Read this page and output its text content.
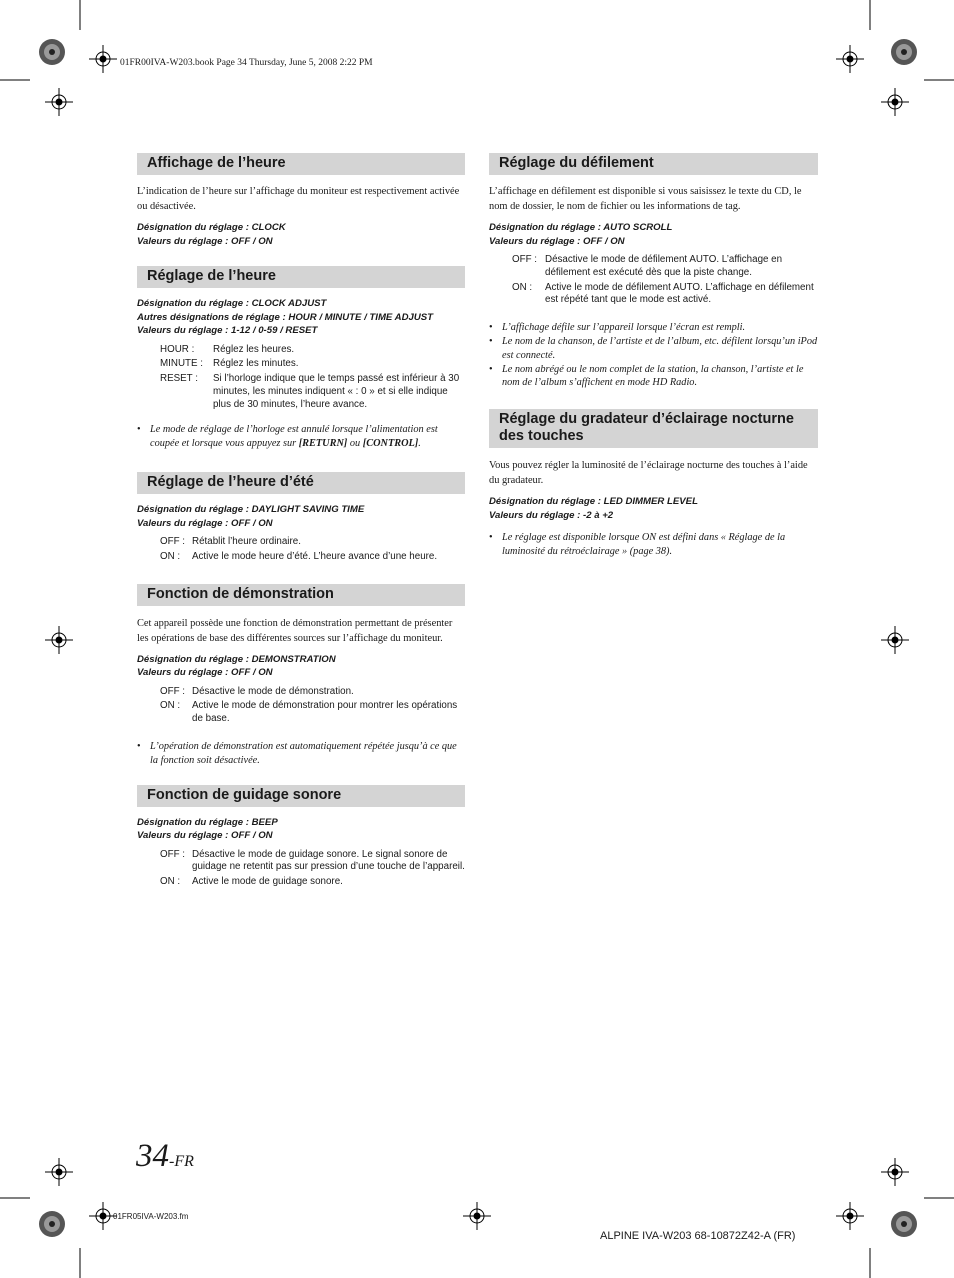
01FR00IVA-W203.book Page 34 Thursday, June 5, 2008 2:22 PM
Affichage de l’heure

L’indication de l’heure sur l’affichage du moniteur est respectivement activée ou désactivée.

Désignation du réglage : CLOCK
Valeurs du réglage : OFF / ON
Réglage de l’heure
Désignation du réglage : CLOCK ADJUST
Autres désignations de réglage : HOUR / MINUTE / TIME ADJUST
Valeurs du réglage : 1-12 / 0-59 / RESET
HOUR :	Réglez les heures.
MINUTE :	Réglez les minutes.
RESET :	Si l’horloge indique que le temps passé est inférieur à 30 minutes, les minutes indiquent « : 0 » et si elle indique plus de 30 minutes, l’heure avance.
• Le mode de réglage de l’horloge est annulé lorsque l’alimentation est coupée et lorsque vous appuyez sur [RETURN] ou [CONTROL].
Réglage de l’heure d’été
Désignation du réglage : DAYLIGHT SAVING TIME
Valeurs du réglage : OFF / ON
OFF : Rétablit l’heure ordinaire.
ON :	Active le mode heure d’été. L’heure avance d’une heure.
Fonction de démonstration

Cet appareil possède une fonction de démonstration permettant de présenter les opérations de base des différentes sources sur l’affichage du moniteur.

Désignation du réglage : DEMONSTRATION
Valeurs du réglage : OFF / ON
OFF : Désactive le mode de démonstration.
ON :	Active le mode de démonstration pour montrer les opérations de base.
• L’opération de démonstration est automatiquement répétée jusqu’à ce que la fonction soit désactivée.
Fonction de guidage sonore
Désignation du réglage : BEEP
Valeurs du réglage : OFF / ON
OFF : Désactive le mode de guidage sonore. Le signal sonore de guidage ne retentit pas sur pression d’une touche de l’appareil.
ON :	Active le mode de guidage sonore.
Réglage du défilement

L’affichage en défilement est disponible si vous saisissez le texte du CD, le nom de dossier, le nom de fichier ou les informations de tag.

Désignation du réglage : AUTO SCROLL
Valeurs du réglage : OFF / ON
OFF : Désactive le mode de défilement AUTO. L’affichage en défilement est exécuté dès que la piste change.
ON :	Active le mode de défilement AUTO. L’affichage en défilement est répété tant que le mode est activé.
• L’affichage défile sur l’appareil lorsque l’écran est rempli.
• Le nom de la chanson, de l’artiste et de l’album, etc. défilent lorsqu’un iPod est connecté.
• Le nom abrégé ou le nom complet de la station, la chanson, l’artiste et le nom de l’album s’affichent en mode HD Radio.
Réglage du gradateur d’éclairage nocturne des touches

Vous pouvez régler la luminosité de l’éclairage nocturne des touches à l’aide du gradateur.

Désignation du réglage : LED DIMMER LEVEL
Valeurs du réglage : -2 à +2
• Le réglage est disponible lorsque ON est défini dans « Réglage de la luminosité du rétroéclairage » (page 38).
34-FR
01FR05IVA-W203.fm
ALPINE IVA-W203 68-10872Z42-A (FR)
